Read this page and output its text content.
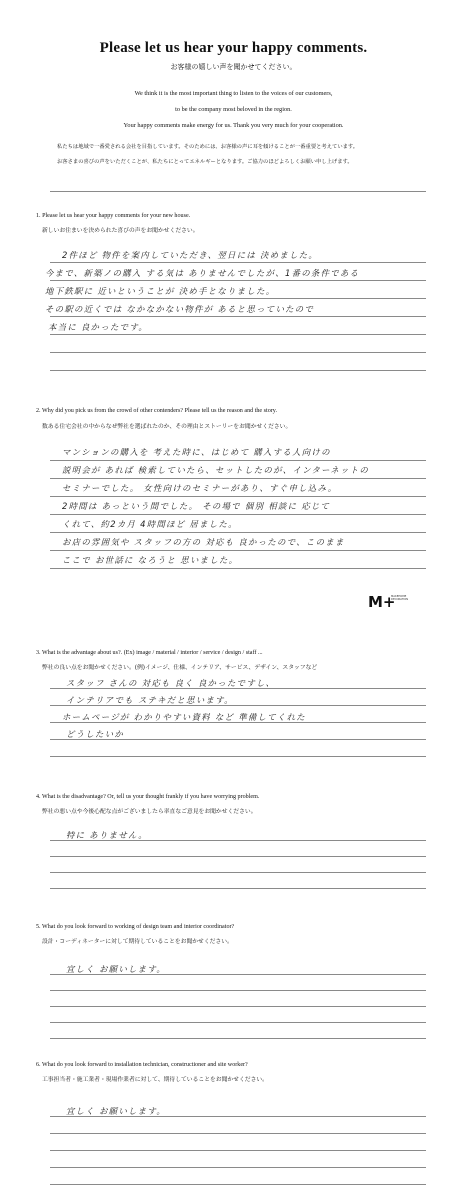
Please let us hear your happy comments.
お客様の嬉しい声を聞かせてください。
We think it is the most important thing to listen to the voices of our customers,
to be the company most beloved in the region.
Your happy comments make energy for us. Thank you very much for your cooperation.
私たちは地域で一番愛される会社を目指しています。そのためには、お客様の声に耳を傾けることが一番重要と考えています。
お客さまの喜びの声をいただくことが、私たちにとってエネルギーとなります。ご協力のほどよろしくお願い申し上げます。
1. Please let us hear your happy comments for your new house.
新しいお住まいを決められた喜びの声をお聞かせください。
2件ほど 物件を案内していただき、翌日には 決めました。
今まで、新築ノの購入 する気は ありませんでしたが、1番の条件である
地下鉄駅に 近いということが 決め手となりました。
その駅の近くでは なかなかない物件が あると思っていたので
本当に 良かったです。
2. Why did you pick us from the crowd of other contenders? Please tell us the reason and the story.
数ある住宅会社の中からなぜ弊社を選ばれたのか、その理由とストーリーをお聞かせください。
マンションの購入を 考えた時に、はじめて 購入する人向けの
説明会が あれば 検索していたら、セットしたのが、インターネットの
セミナーでした。 女性向けのセミナーがあり、すぐ申し込み。
2時間は あっという間でした。 その場で 個別 相談に 応じて
くれて、約2カ月 4時間ほど 居ました。
お店の雰囲気や スタッフの方の 対応も 良かったので、このまま
ここで お世話に なろうと 思いました。
M+
MAKEHOME
DECORATION
3. What is the advantage about us?. (Ex) image / material / interior / service / design / staff ...
弊社の良い点をお聞かせください。(例)イメージ、仕様、インテリア、サービス、デザイン、スタッフなど
スタッフ さんの 対応も 良く 良かったですし、
インテリアでも ステキだと思います。
ホームページが わかりやすい資料 など 準備してくれた
どうしたいか
4. What is the disadvantage? Or, tell us your thought frankly if you have worrying problem.
弊社の悪い点や今後心配な点がございましたら率直なご意見をお聞かせください。
特に ありません。
5. What do you look forward to working of design team and interior coordinator?
設計・コーディネーターに対して期待していることをお聞かせください。
宜しく お願いします。
6. What do you look forward to installation technician, constructioner and site worker?
工事担当者・施工業者・現場作業者に対して、期待していることをお聞かせください。
宜しく お願いします。
